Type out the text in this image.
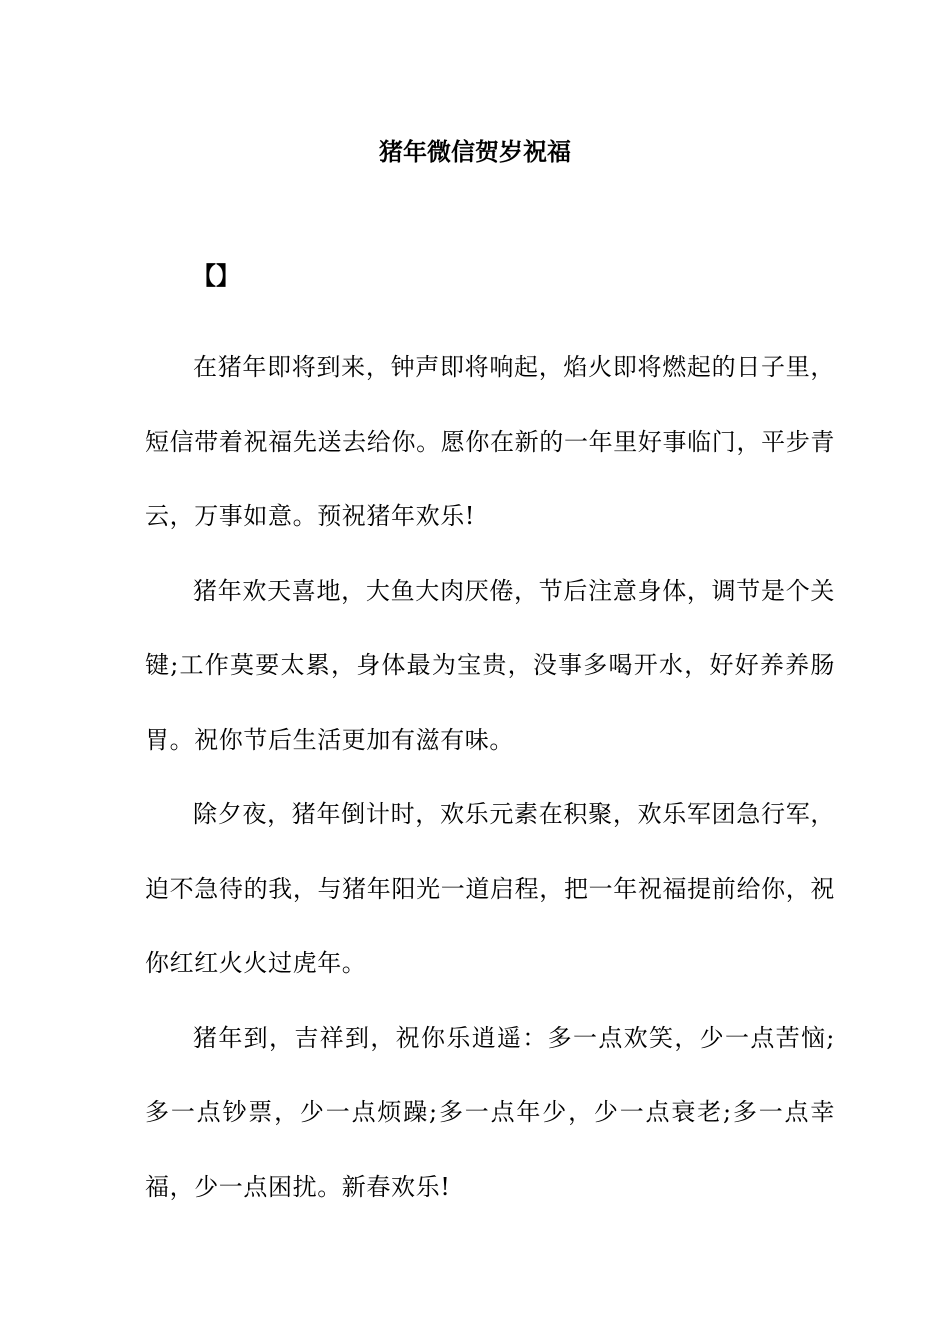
猪年微信贺岁祝福
【】

在猪年即将到来，钟声即将响起，焰火即将燃起的日子里，短信带着祝福先送去给你。愿你在新的一年里好事临门，平步青云，万事如意。预祝猪年欢乐!

猪年欢天喜地，大鱼大肉厌倦，节后注意身体，调节是个关键;工作莫要太累，身体最为宝贵，没事多喝开水，好好养养肠胃。祝你节后生活更加有滋有味。

除夕夜，猪年倒计时，欢乐元素在积聚，欢乐军团急行军，迫不急待的我，与猪年阳光一道启程，把一年祝福提前给你，祝你红红火火过虎年。

猪年到，吉祥到，祝你乐逍遥：多一点欢笑，少一点苦恼;多一点钞票，少一点烦躁;多一点年少，少一点衰老;多一点幸福，少一点困扰。新春欢乐!
